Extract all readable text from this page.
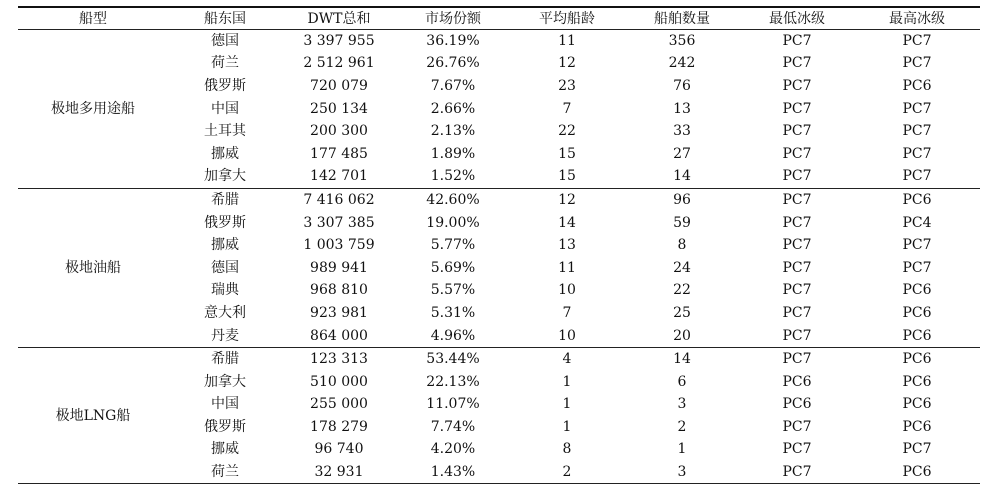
船型	船东国	DWT总和	市场份额	平均船龄	船舶数量	最低冰级	最高冰级
极地多用途船	德国	3 397 955	36.19%	11	356	PC7	PC7
	荷兰	2 512 961	26.76%	12	242	PC7	PC7
	俄罗斯	720 079	7.67%	23	76	PC7	PC6
	中国	250 134	2.66%	7	13	PC7	PC7
	土耳其	200 300	2.13%	22	33	PC7	PC7
	挪威	177 485	1.89%	15	27	PC7	PC7
	加拿大	142 701	1.52%	15	14	PC7	PC7
极地油船	希腊	7 416 062	42.60%	12	96	PC7	PC6
	俄罗斯	3 307 385	19.00%	14	59	PC7	PC4
	挪威	1 003 759	5.77%	13	8	PC7	PC7
	德国	989 941	5.69%	11	24	PC7	PC7
	瑞典	968 810	5.57%	10	22	PC7	PC6
	意大利	923 981	5.31%	7	25	PC7	PC6
	丹麦	864 000	4.96%	10	20	PC7	PC6
极地LNG船	希腊	123 313	53.44%	4	14	PC7	PC6
	加拿大	510 000	22.13%	1	6	PC6	PC6
	中国	255 000	11.07%	1	3	PC6	PC6
	俄罗斯	178 279	7.74%	1	2	PC7	PC6
	挪威	96 740	4.20%	8	1	PC7	PC7
	荷兰	32 931	1.43%	2	3	PC7	PC6
